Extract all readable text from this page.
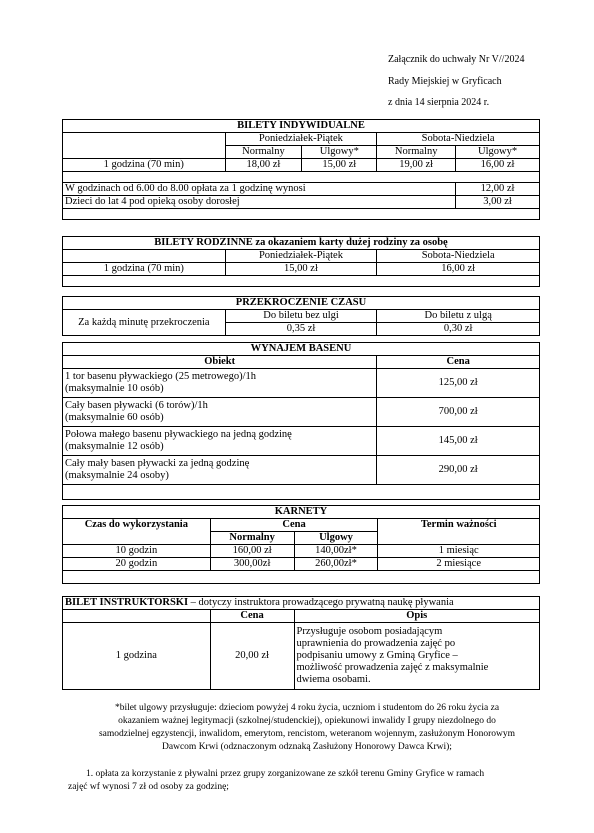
Załącznik do uchwały Nr V//2024
Rady Miejskiej w Gryficach
z dnia 14 sierpnia 2024 r.
BILETY INDYWIDUALNE				
	Poniedziałek-Piątek		Sobota-Niedziela	
	Normalny	Ulgowy*	Normalny	Ulgowy*
1 godzina (70 min)	18,00 zł	15,00 zł	19,00 zł	16,00 zł

W godzinach od 6.00 do 8.00 opłata za 1 godzinę wynosi				12,00 zł
Dzieci do lat 4 pod opieką osoby dorosłej				3,00 zł

BILETY RODZINNE za okazaniem karty dużej rodziny za osobę		
	Poniedziałek-Piątek	Sobota-Niedziela
1 godzina (70 min)	15,00 zł	16,00 zł

PRZEKROCZENIE CZASU		
Za każdą minutę przekroczenia	Do biletu bez ulgi	Do biletu z ulgą
	0,35 zł	0,30 zł
WYNAJEM BASENU	
Obiekt	Cena
1 tor basenu pływackiego (25 metrowego)/1h
(maksymalnie 10 osób)	125,00 zł
Cały basen pływacki (6 torów)/1h
(maksymalnie 60 osób)	700,00 zł
Połowa małego basenu pływackiego na jedną godzinę
(maksymalnie 12 osób)	145,00 zł
Cały mały basen pływacki za jedną godzinę
(maksymalnie 24 osoby)	290,00 zł

KARNETY			
Czas do wykorzystania	Cena		Termin ważności
	Normalny	Ulgowy	
10 godzin	160,00 zł	140,00zł*	1 miesiąc
20 godzin	300,00zł	260,00zł*	2 miesiące

BILET INSTRUKTORSKI – dotyczy instruktora prowadzącego prywatną naukę pływania		
	Cena	Opis
1 godzina	20,00 zł	Przysługuje osobom posiadającym
uprawnienia do prowadzenia zajęć po
podpisaniu umowy z Gminą Gryfice –
możliwość prowadzenia zajęć z maksymalnie
dwiema osobami.
*bilet ulgowy przysługuje: dzieciom powyżej 4 roku życia, uczniom i studentom do 26 roku życia za
okazaniem ważnej legitymacji (szkolnej/studenckiej), opiekunowi inwalidy I grupy niezdolnego do
samodzielnej egzystencji, inwalidom, emerytom, rencistom, weteranom wojennym, zasłużonym Honorowym
Dawcom Krwi (odznaczonym odznaką Zasłużony Honorowy Dawca Krwi);
1. opłata za korzystanie z pływalni przez grupy zorganizowane ze szkół terenu Gminy Gryfice w ramach
zajęć wf wynosi 7 zł od osoby za godzinę;
